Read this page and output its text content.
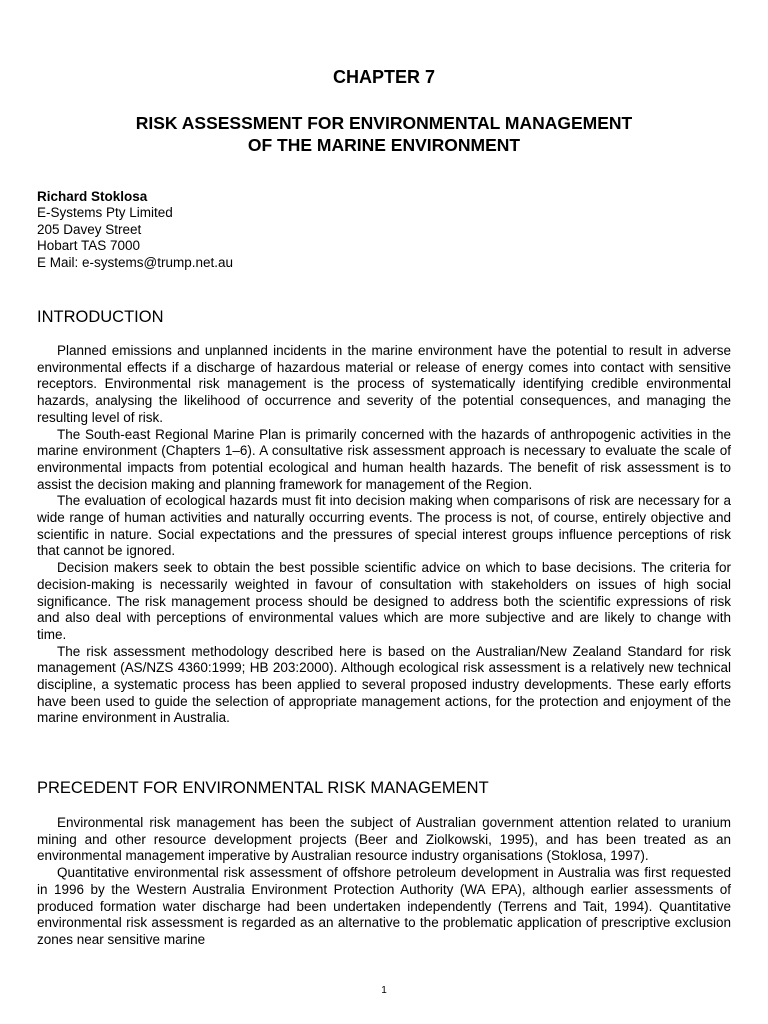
CHAPTER 7
RISK ASSESSMENT FOR ENVIRONMENTAL MANAGEMENT
OF THE MARINE ENVIRONMENT
Richard Stoklosa
E-Systems Pty Limited
205 Davey Street
Hobart TAS 7000
E Mail: e-systems@trump.net.au
INTRODUCTION

Planned emissions and unplanned incidents in the marine environment have the potential to result in adverse environmental effects if a discharge of hazardous material or release of energy comes into contact with sensitive receptors. Environmental risk management is the process of systematically identifying credible environmental hazards, analysing the likelihood of occurrence and severity of the potential consequences, and managing the resulting level of risk.

The South-east Regional Marine Plan is primarily concerned with the hazards of anthropogenic activities in the marine environment (Chapters 1–6). A consultative risk assessment approach is necessary to evaluate the scale of environmental impacts from potential ecological and human health hazards. The benefit of risk assessment is to assist the decision making and planning framework for management of the Region.

The evaluation of ecological hazards must fit into decision making when comparisons of risk are necessary for a wide range of human activities and naturally occurring events. The process is not, of course, entirely objective and scientific in nature. Social expectations and the pressures of special interest groups influence perceptions of risk that cannot be ignored.

Decision makers seek to obtain the best possible scientific advice on which to base decisions. The criteria for decision-making is necessarily weighted in favour of consultation with stakeholders on issues of high social significance. The risk management process should be designed to address both the scientific expressions of risk and also deal with perceptions of environmental values which are more subjective and are likely to change with time.

The risk assessment methodology described here is based on the Australian/New Zealand Standard for risk management (AS/NZS 4360:1999; HB 203:2000). Although ecological risk assessment is a relatively new technical discipline, a systematic process has been applied to several proposed industry developments. These early efforts have been used to guide the selection of appropriate management actions, for the protection and enjoyment of the marine environment in Australia.

PRECEDENT FOR ENVIRONMENTAL RISK MANAGEMENT

Environmental risk management has been the subject of Australian government attention related to uranium mining and other resource development projects (Beer and Ziolkowski, 1995), and has been treated as an environmental management imperative by Australian resource industry organisations (Stoklosa, 1997).

Quantitative environmental risk assessment of offshore petroleum development in Australia was first requested in 1996 by the Western Australia Environment Protection Authority (WA EPA), although earlier assessments of produced formation water discharge had been undertaken independently (Terrens and Tait, 1994). Quantitative environmental risk assessment is regarded as an alternative to the problematic application of prescriptive exclusion zones near sensitive marine

1
